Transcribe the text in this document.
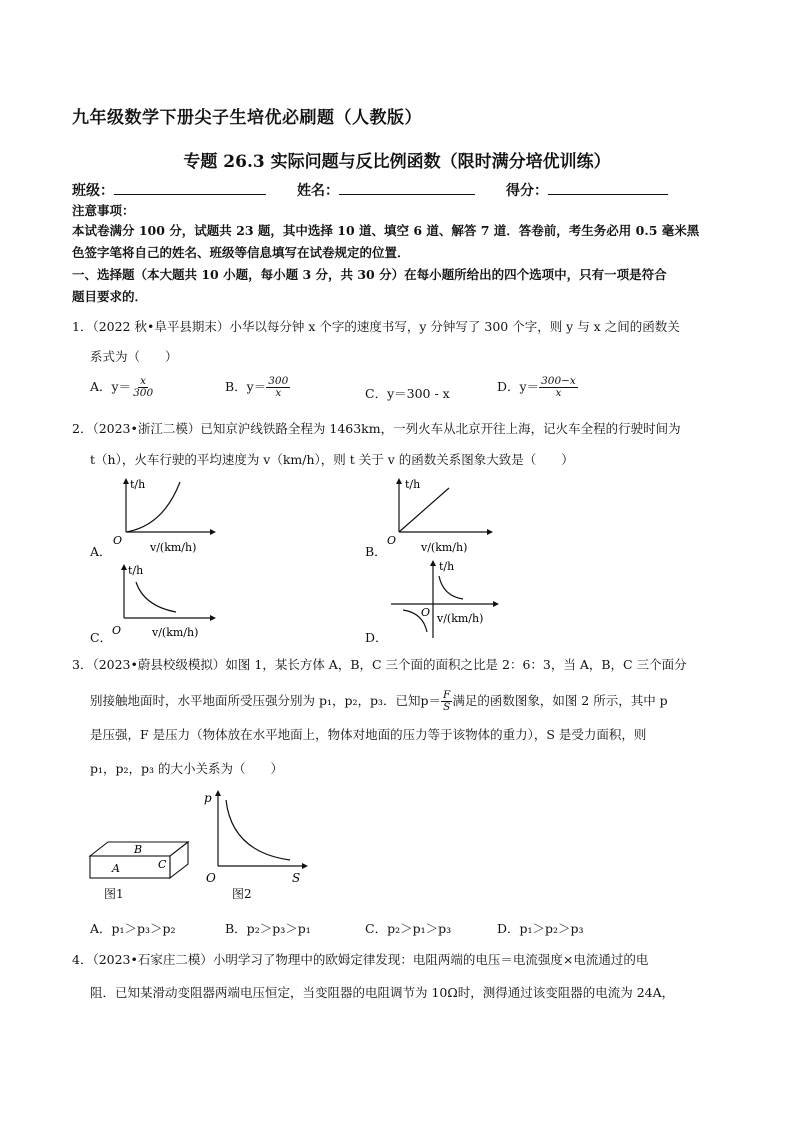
九年级数学下册尖子生培优必刷题（人教版）
专题 26.3 实际问题与反比例函数（限时满分培优训练）
班级：	姓名：	得分：
注意事项：
本试卷满分 100 分，试题共 23 题，其中选择 10 道、填空 6 道、解答 7 道．答卷前，考生务必用 0.5 毫米黑
色签字笔将自己的姓名、班级等信息填写在试卷规定的位置．
一、选择题（本大题共 10 小题，每小题 3 分，共 30 分）在每小题所给出的四个选项中，只有一项是符合
题目要求的．
1．（2022 秋•阜平县期末）小华以每分钟 x 个字的速度书写，y 分钟写了 300 个字，则 y 与 x 之间的函数关
系式为（　　）
A．$y= \frac{x}{300}$	B．$y= \frac{300}{x}$	C．y＝300 - x	D．$y= \frac{300-x}{x}$
2．（2023•浙江二模）已知京沪线铁路全程为 1463km，一列火车从北京开往上海，记火车全程的行驶时间为
t（h），火车行驶的平均速度为 v（km/h），则 t 关于 v 的函数关系图象大致是（　　）
A．
t/h
O
v/(km/h)	B．
t/h
O
v/(km/h)
C．
t/h
O	v/(km/h)	D．
t/h
O v/(km/h)
3．（2023•蔚县校级模拟）如图 1，某长方体 A，B，C 三个面的面积之比是 2：6：3，当 A，B，C 三个面分
别接触地面时，水平地面所受压强分别为 p₁，p₂，p₃．已知$p= \frac{F}{S}$ 满足的函数图象，如图 2 所示，其中 p
是压强，F 是压力（物体放在水平地面上，物体对地面的压力等于该物体的重力），S 是受力面积，则
p₁，p₂，p₃ 的大小关系为（　　）
B
A	C
图1
p
O	S
图2
A．p₁＞p₃＞p₂	B．p₂＞p₃＞p₁	C．p₂＞p₁＞p₃	D．p₁＞p₂＞p₃
4．（2023•石家庄二模）小明学习了物理中的欧姆定律发现：电阻两端的电压＝电流强度×电流通过的电
阻．已知某滑动变阻器两端电压恒定，当变阻器的电阻调节为 10Ω时，测得通过该变阻器的电流为 24A，
